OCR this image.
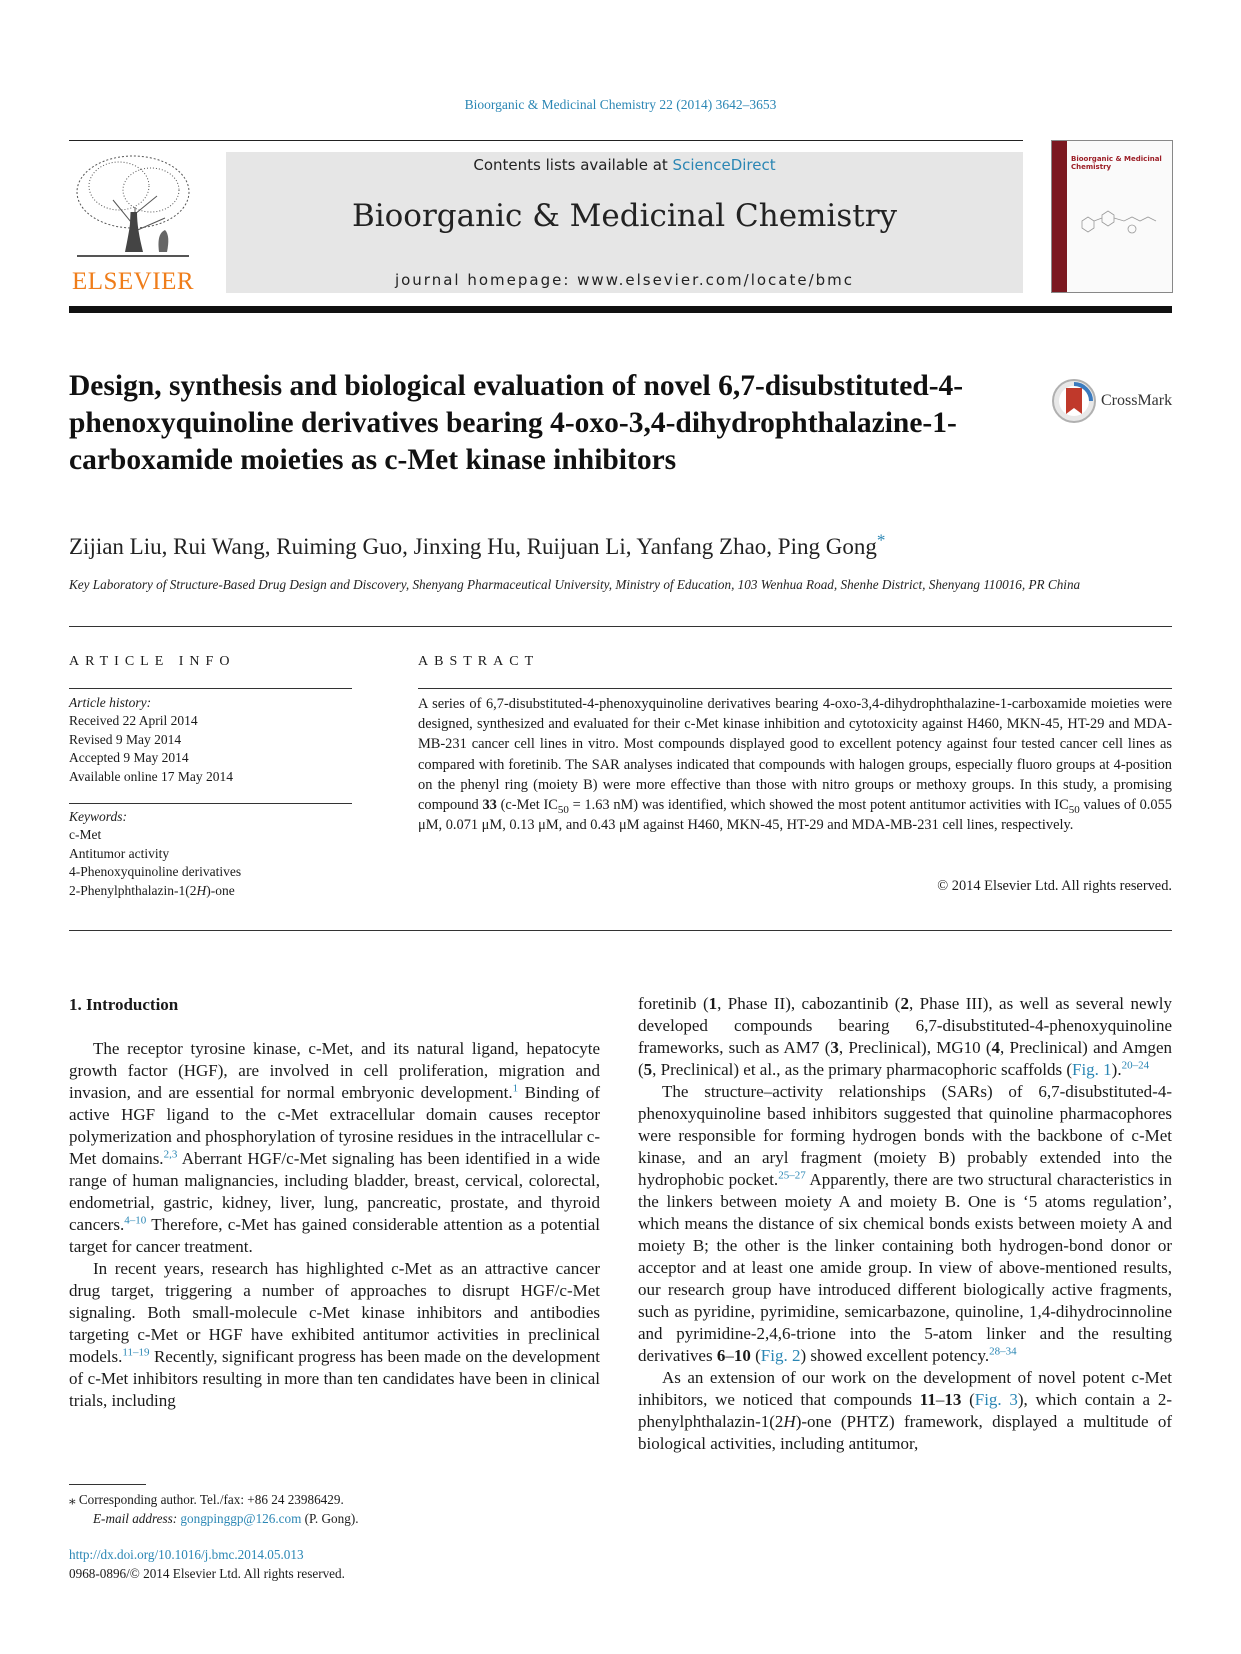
Bioorganic & Medicinal Chemistry 22 (2014) 3642–3653
ELSEVIER
Contents lists available at ScienceDirect
Bioorganic & Medicinal Chemistry
journal homepage: www.elsevier.com/locate/bmc
Bioorganic & Medicinal Chemistry
Design, synthesis and biological evaluation of novel 6,7-disubstituted-4-phenoxyquinoline derivatives bearing 4-oxo-3,4-dihydrophthalazine-1-carboxamide moieties as c-Met kinase inhibitors
CrossMark
Zijian Liu, Rui Wang, Ruiming Guo, Jinxing Hu, Ruijuan Li, Yanfang Zhao, Ping Gong*
Key Laboratory of Structure-Based Drug Design and Discovery, Shenyang Pharmaceutical University, Ministry of Education, 103 Wenhua Road, Shenhe District, Shenyang 110016, PR China
ARTICLE INFO
Article history:
Received 22 April 2014
Revised 9 May 2014
Accepted 9 May 2014
Available online 17 May 2014
Keywords:
c-Met
Antitumor activity
4-Phenoxyquinoline derivatives
2-Phenylphthalazin-1(2H)-one
ABSTRACT
A series of 6,7-disubstituted-4-phenoxyquinoline derivatives bearing 4-oxo-3,4-dihydrophthalazine-1-carboxamide moieties were designed, synthesized and evaluated for their c-Met kinase inhibition and cytotoxicity against H460, MKN-45, HT-29 and MDA-MB-231 cancer cell lines in vitro. Most compounds displayed good to excellent potency against four tested cancer cell lines as compared with foretinib. The SAR analyses indicated that compounds with halogen groups, especially fluoro groups at 4-position on the phenyl ring (moiety B) were more effective than those with nitro groups or methoxy groups. In this study, a promising compound 33 (c-Met $IC_{50} = 1.63$ nM) was identified, which showed the most potent antitumor activities with $IC_{50}$ values of 0.055 μM, 0.071 μM, 0.13 μM, and 0.43 μM against H460, MKN-45, HT-29 and MDA-MB-231 cell lines, respectively.
© 2014 Elsevier Ltd. All rights reserved.
1. Introduction

The receptor tyrosine kinase, c-Met, and its natural ligand, hepatocyte growth factor (HGF), are involved in cell proliferation, migration and invasion, and are essential for normal embryonic development.$^1$ Binding of active HGF ligand to the c-Met extracellular domain causes receptor polymerization and phosphorylation of tyrosine residues in the intracellular c-Met domains.$^{2,3}$ Aberrant HGF/c-Met signaling has been identified in a wide range of human malignancies, including bladder, breast, cervical, colorectal, endometrial, gastric, kidney, liver, lung, pancreatic, prostate, and thyroid cancers.$^{4-10}$ Therefore, c-Met has gained considerable attention as a potential target for cancer treatment.

In recent years, research has highlighted c-Met as an attractive cancer drug target, triggering a number of approaches to disrupt HGF/c-Met signaling. Both small-molecule c-Met kinase inhibitors and antibodies targeting c-Met or HGF have exhibited antitumor activities in preclinical models.$^{11-19}$ Recently, significant progress has been made on the development of c-Met inhibitors resulting in more than ten candidates have been in clinical trials, including

foretinib (1, Phase II), cabozantinib (2, Phase III), as well as several newly developed compounds bearing 6,7-disubstituted-4-phenoxyquinoline frameworks, such as AM7 (3, Preclinical), MG10 (4, Preclinical) and Amgen (5, Preclinical) et al., as the primary pharmacophoric scaffolds (Fig. 1).$^{20-24}$

The structure–activity relationships (SARs) of 6,7-disubstituted-4-phenoxyquinoline based inhibitors suggested that quinoline pharmacophores were responsible for forming hydrogen bonds with the backbone of c-Met kinase, and an aryl fragment (moiety B) probably extended into the hydrophobic pocket.$^{25-27}$ Apparently, there are two structural characteristics in the linkers between moiety A and moiety B. One is ‘5 atoms regulation’, which means the distance of six chemical bonds exists between moiety A and moiety B; the other is the linker containing both hydrogen-bond donor or acceptor and at least one amide group. In view of above-mentioned results, our research group have introduced different biologically active fragments, such as pyridine, pyrimidine, semicarbazone, quinoline, 1,4-dihydrocinnoline and pyrimidine-2,4,6-trione into the 5-atom linker and the resulting derivatives 6–10 (Fig. 2) showed excellent potency.$^{28-34}$

As an extension of our work on the development of novel potent c-Met inhibitors, we noticed that compounds 11–13 (Fig. 3), which contain a 2-phenylphthalazin-1(2H)-one (PHTZ) framework, displayed a multitude of biological activities, including antitumor,

⁎ Corresponding author. Tel./fax: +86 24 23986429.
E-mail address: gongpinggp@126.com (P. Gong).
http://dx.doi.org/10.1016/j.bmc.2014.05.013
0968-0896/© 2014 Elsevier Ltd. All rights reserved.
